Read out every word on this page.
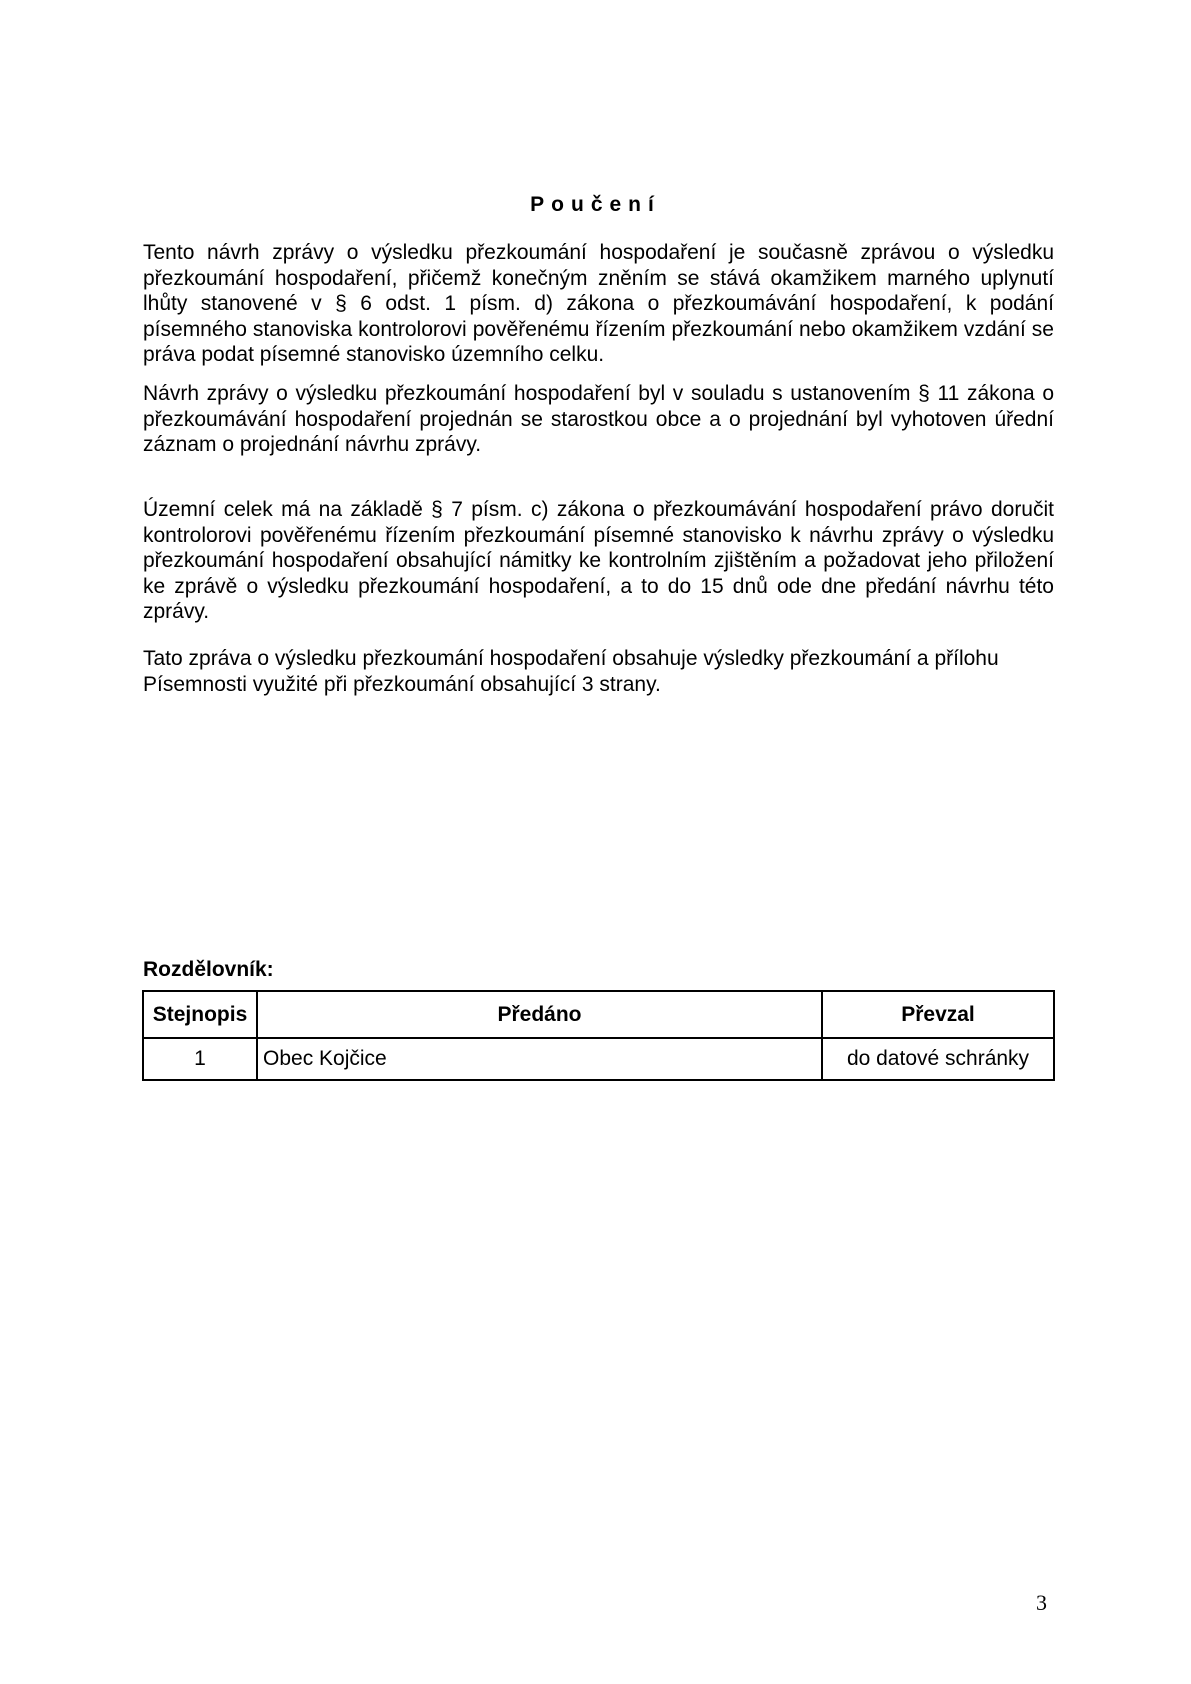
Poučení

Tento návrh zprávy o výsledku přezkoumání hospodaření je současně zprávou o výsledku přezkoumání hospodaření, přičemž konečným zněním se stává okamžikem marného uplynutí lhůty stanovené v § 6 odst. 1 písm. d) zákona o přezkoumávání hospodaření, k podání písemného stanoviska kontrolorovi pověřenému řízením přezkoumání nebo okamžikem vzdání se práva podat písemné stanovisko územního celku.

Návrh zprávy o výsledku přezkoumání hospodaření byl v souladu s ustanovením § 11 zákona o přezkoumávání hospodaření projednán se starostkou obce a o projednání byl vyhotoven úřední záznam o projednání návrhu zprávy.

Územní celek má na základě § 7 písm. c) zákona o přezkoumávání hospodaření právo doručit kontrolorovi pověřenému řízením přezkoumání písemné stanovisko k návrhu zprávy o výsledku přezkoumání hospodaření obsahující námitky ke kontrolním zjištěním a požadovat jeho přiložení ke zprávě o výsledku přezkoumání hospodaření, a to do 15 dnů ode dne předání návrhu této zprávy.

Tato zpráva o výsledku přezkoumání hospodaření obsahuje výsledky přezkoumání a přílohu Písemnosti využité při přezkoumání obsahující 3 strany.

Rozdělovník:
Stejnopis	Předáno	Převzal
1	Obec Kojčice	do datové schránky
3
